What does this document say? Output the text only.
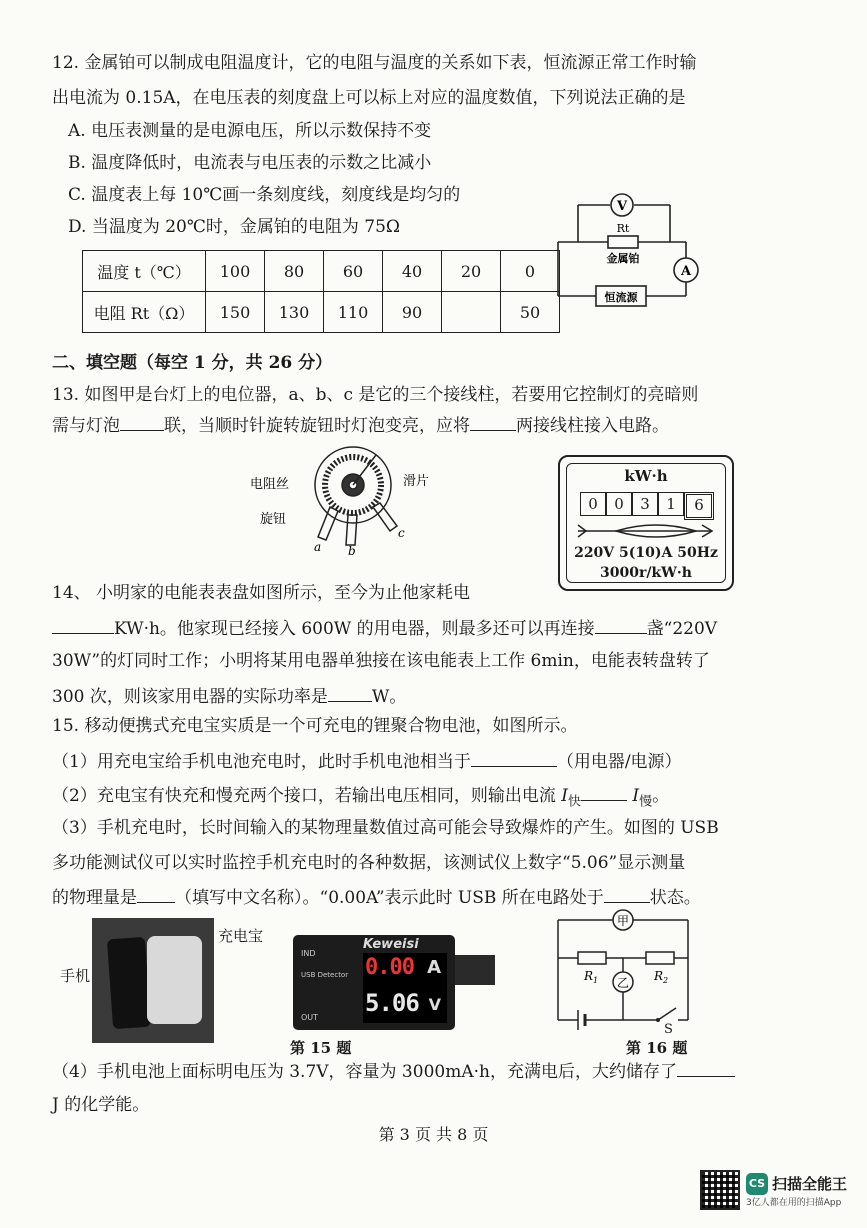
12. 金属铂可以制成电阻温度计，它的电阻与温度的关系如下表，恒流源正常工作时输
出电流为 0.15A，在电压表的刻度盘上可以标上对应的温度数值，下列说法正确的是
A. 电压表测量的是电源电压，所以示数保持不变
B. 温度降低时，电流表与电压表的示数之比减小
C. 温度表上每 10℃画一条刻度线，刻度线是均匀的
D. 当温度为 20℃时，金属铂的电阻为 75Ω
温度 t（℃）	100	80	60	40	20	0
电阻 Rt（Ω）	150	130	110	90		50
V
A
Rt
金属铂
恒流源
二、填空题（每空 1 分，共 26 分）
13. 如图甲是台灯上的电位器，a、b、c 是它的三个接线柱，若要用它控制灯的亮暗则
需与灯泡	联，当顺时针旋转旋钮时灯泡变亮，应将	两接线柱接入电路。
电阻丝
旋钮
滑片
a b
c
kW·h
0	0	3	1	6
220V 5(10)A 50Hz
3000r/kW·h
14、 小明家的电能表表盘如图所示，至今为止他家耗电
KW·h。他家现已经接入 600W 的用电器，则最多还可以再连接	盏“220V
30W”的灯同时工作；小明将某用电器单独接在该电能表上工作 6min，电能表转盘转了
300 次，则该家用电器的实际功率是	W。
15. 移动便携式充电宝实质是一个可充电的锂聚合物电池，如图所示。
（1）用充电宝给手机电池充电时，此时手机电池相当于	（用电器/电源）
（2）充电宝有快充和慢充两个接口，若输出电压相同，则输出电流 $I_快$	$I_慢$。
（3）手机充电时，长时间输入的某物理量数值过高可能会导致爆炸的产生。如图的 USB
多功能测试仪可以实时监控手机充电时的各种数据，该测试仪上数字“5.06”显示测量
的物理量是 （填写中文名称）。“0.00A”表示此时 USB 所在电路处于	状态。
手机
充电宝	Keweisi
IND
USB Detector
OUT
0.00 A
5.06 V
第 15 题
甲
乙
$R_1$	$R_2$
S
第 16 题
（4）手机电池上面标明电压为 3.7V，容量为 3000mA·h，充满电后，大约储存了
J 的化学能。
第 3 页 共 8 页
CS 扫描全能王
3亿人都在用的扫描App
